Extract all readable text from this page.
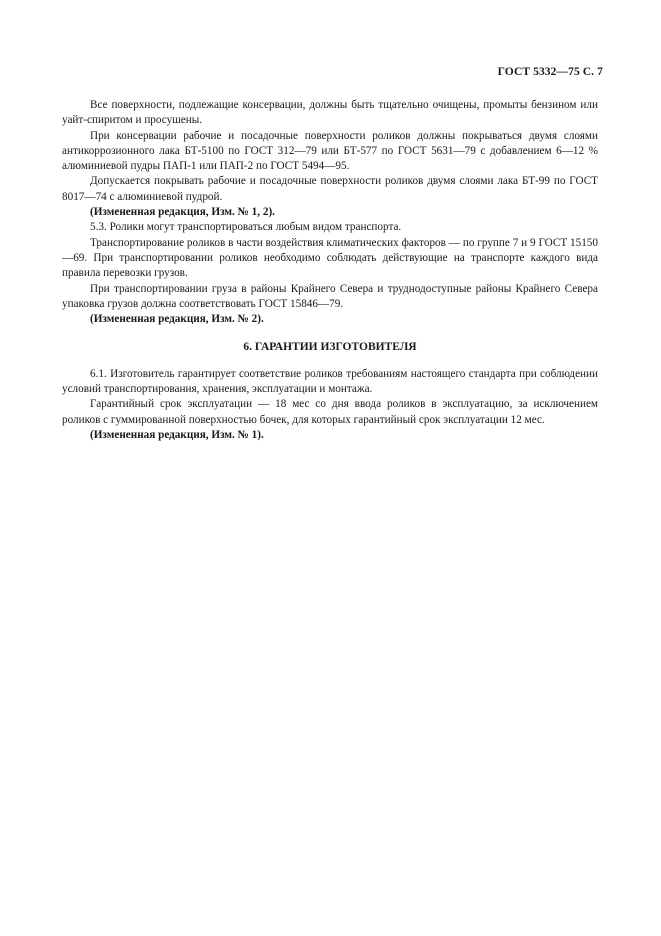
ГОСТ 5332—75 С. 7

Все поверхности, подлежащие консервации, должны быть тщательно очищены, промыты бензином или уайт-спиритом и просушены.

При консервации рабочие и посадочные поверхности роликов должны покрываться двумя слоями антикоррозионного лака БТ-5100 по ГОСТ 312—79 или БТ-577 по ГОСТ 5631—79 с добавлением 6—12 % алюминиевой пудры ПАП-1 или ПАП-2 по ГОСТ 5494—95.

Допускается покрывать рабочие и посадочные поверхности роликов двумя слоями лака БТ-99 по ГОСТ 8017—74 с алюминиевой пудрой.

(Измененная редакция, Изм. № 1, 2).

5.3. Ролики могут транспортироваться любым видом транспорта.

Транспортирование роликов в части воздействия климатических факторов — по группе 7 и 9 ГОСТ 15150—69. При транспортировании роликов необходимо соблюдать действующие на транспорте каждого вида правила перевозки грузов.

При транспортировании груза в районы Крайнего Севера и труднодоступные районы Крайнего Севера упаковка грузов должна соответствовать ГОСТ 15846—79.

(Измененная редакция, Изм. № 2).

6. ГАРАНТИИ ИЗГОТОВИТЕЛЯ

6.1. Изготовитель гарантирует соответствие роликов требованиям настоящего стандарта при соблюдении условий транспортирования, хранения, эксплуатации и монтажа.

Гарантийный срок эксплуатации — 18 мес со дня ввода роликов в эксплуатацию, за исключением роликов с гуммированной поверхностью бочек, для которых гарантийный срок эксплуатации 12 мес.

(Измененная редакция, Изм. № 1).
